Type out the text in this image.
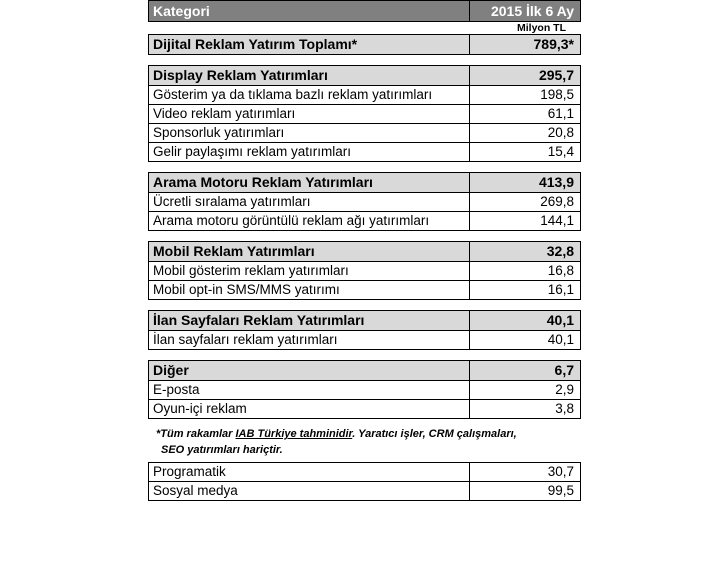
Kategori	2015 İlk 6 Ay
Milyon TL
Dijital Reklam Yatırım Toplamı*	789,3*
Display Reklam Yatırımları	295,7
Gösterim ya da tıklama bazlı reklam yatırımları	198,5
Video reklam yatırımları	61,1
Sponsorluk yatırımları	20,8
Gelir paylaşımı reklam yatırımları	15,4
Arama Motoru Reklam Yatırımları	413,9
Ücretli sıralama yatırımları	269,8
Arama motoru görüntülü reklam ağı yatırımları	144,1
Mobil Reklam Yatırımları	32,8
Mobil gösterim reklam yatırımları	16,8
Mobil opt-in SMS/MMS yatırımı	16,1
İlan Sayfaları Reklam Yatırımları	40,1
İlan sayfaları reklam yatırımları	40,1
Diğer	6,7
E-posta	2,9
Oyun-içi reklam	3,8
*Tüm rakamlar IAB Türkiye tahminidir. Yaratıcı işler, CRM çalışmaları,
SEO yatırımları hariçtir.
Programatik	30,7
Sosyal medya	99,5
